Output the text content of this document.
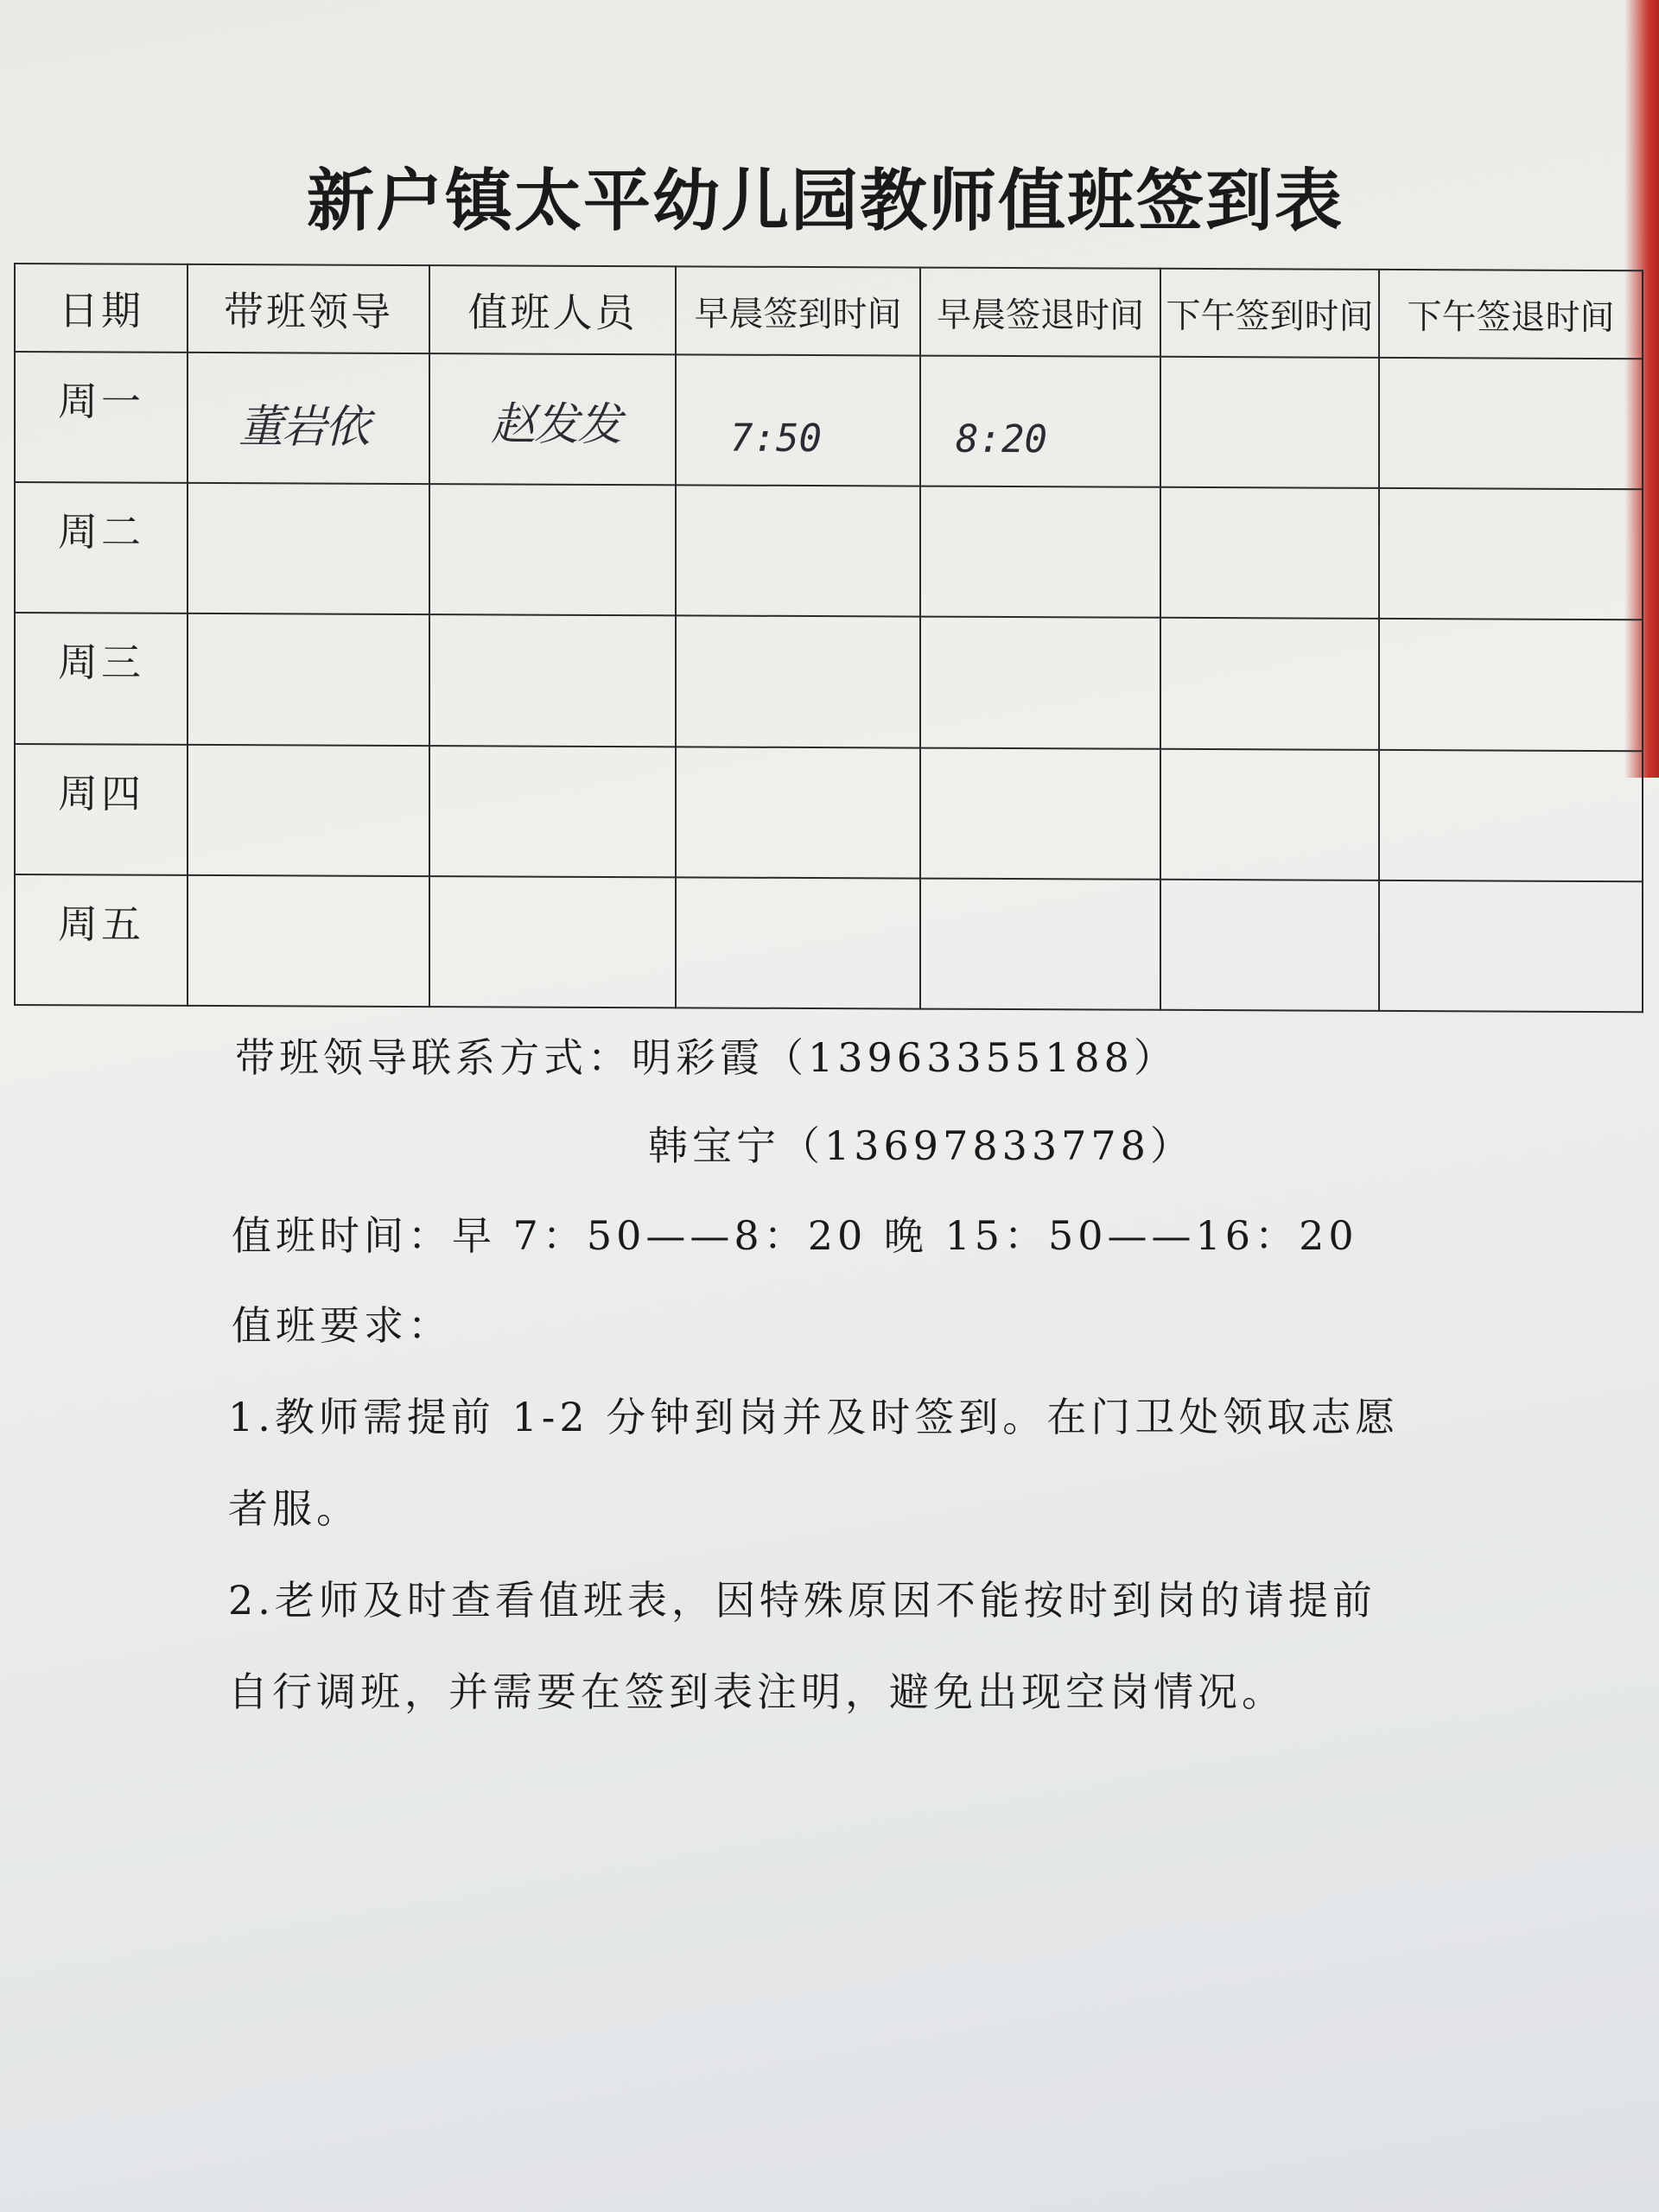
新户镇太平幼儿园教师值班签到表
日期	带班领导	值班人员	早晨签到时间	早晨签退时间	下午签到时间	下午签退时间
周一	董岩依	赵发发	7:50	8:20		

周二						
周三						
周四						
周五						
带班领导联系方式：明彩霞（13963355188）
韩宝宁（13697833778）
值班时间：早 7：50——8：20 晚 15：50——16：20
值班要求：
1.教师需提前 1-2 分钟到岗并及时签到。在门卫处领取志愿
者服。
2.老师及时查看值班表，因特殊原因不能按时到岗的请提前
自行调班，并需要在签到表注明，避免出现空岗情况。
